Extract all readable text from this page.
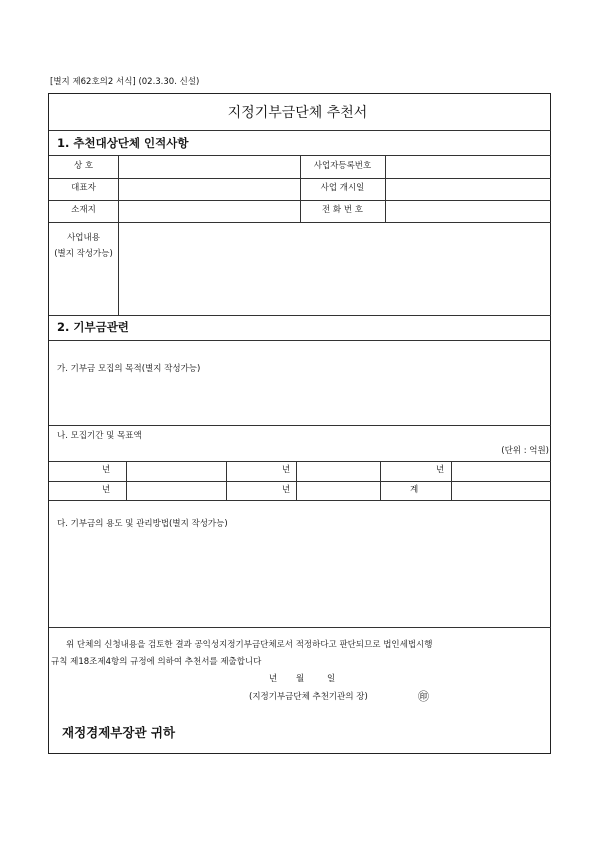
[별지 제62호의2 서식] (02.3.30. 신설)
지정기부금단체 추천서
1. 추천대상단체 인적사항
상 호	사업자등록번호
대표자	사업 개시일
소재지	전 화 번 호
사업내용
(별지 작성가능)
2. 기부금관련
가. 기부금 모집의 목적(별지 작성가능)
나. 모집기간 및 목표액
(단위 : 억원)
년	년	년
년	년	계
다. 기부금의 용도 및 관리방법(별지 작성가능)
위 단체의 신청내용을 검토한 결과 공익성지정기부금단체로서 적정하다고 판단되므로 법인세법시행
규칙 제18조제4항의 규정에 의하여 추천서를 제출합니다
년 월	일
(지정기부금단체 추천기관의 장)	㊞
재정경제부장관 귀하
